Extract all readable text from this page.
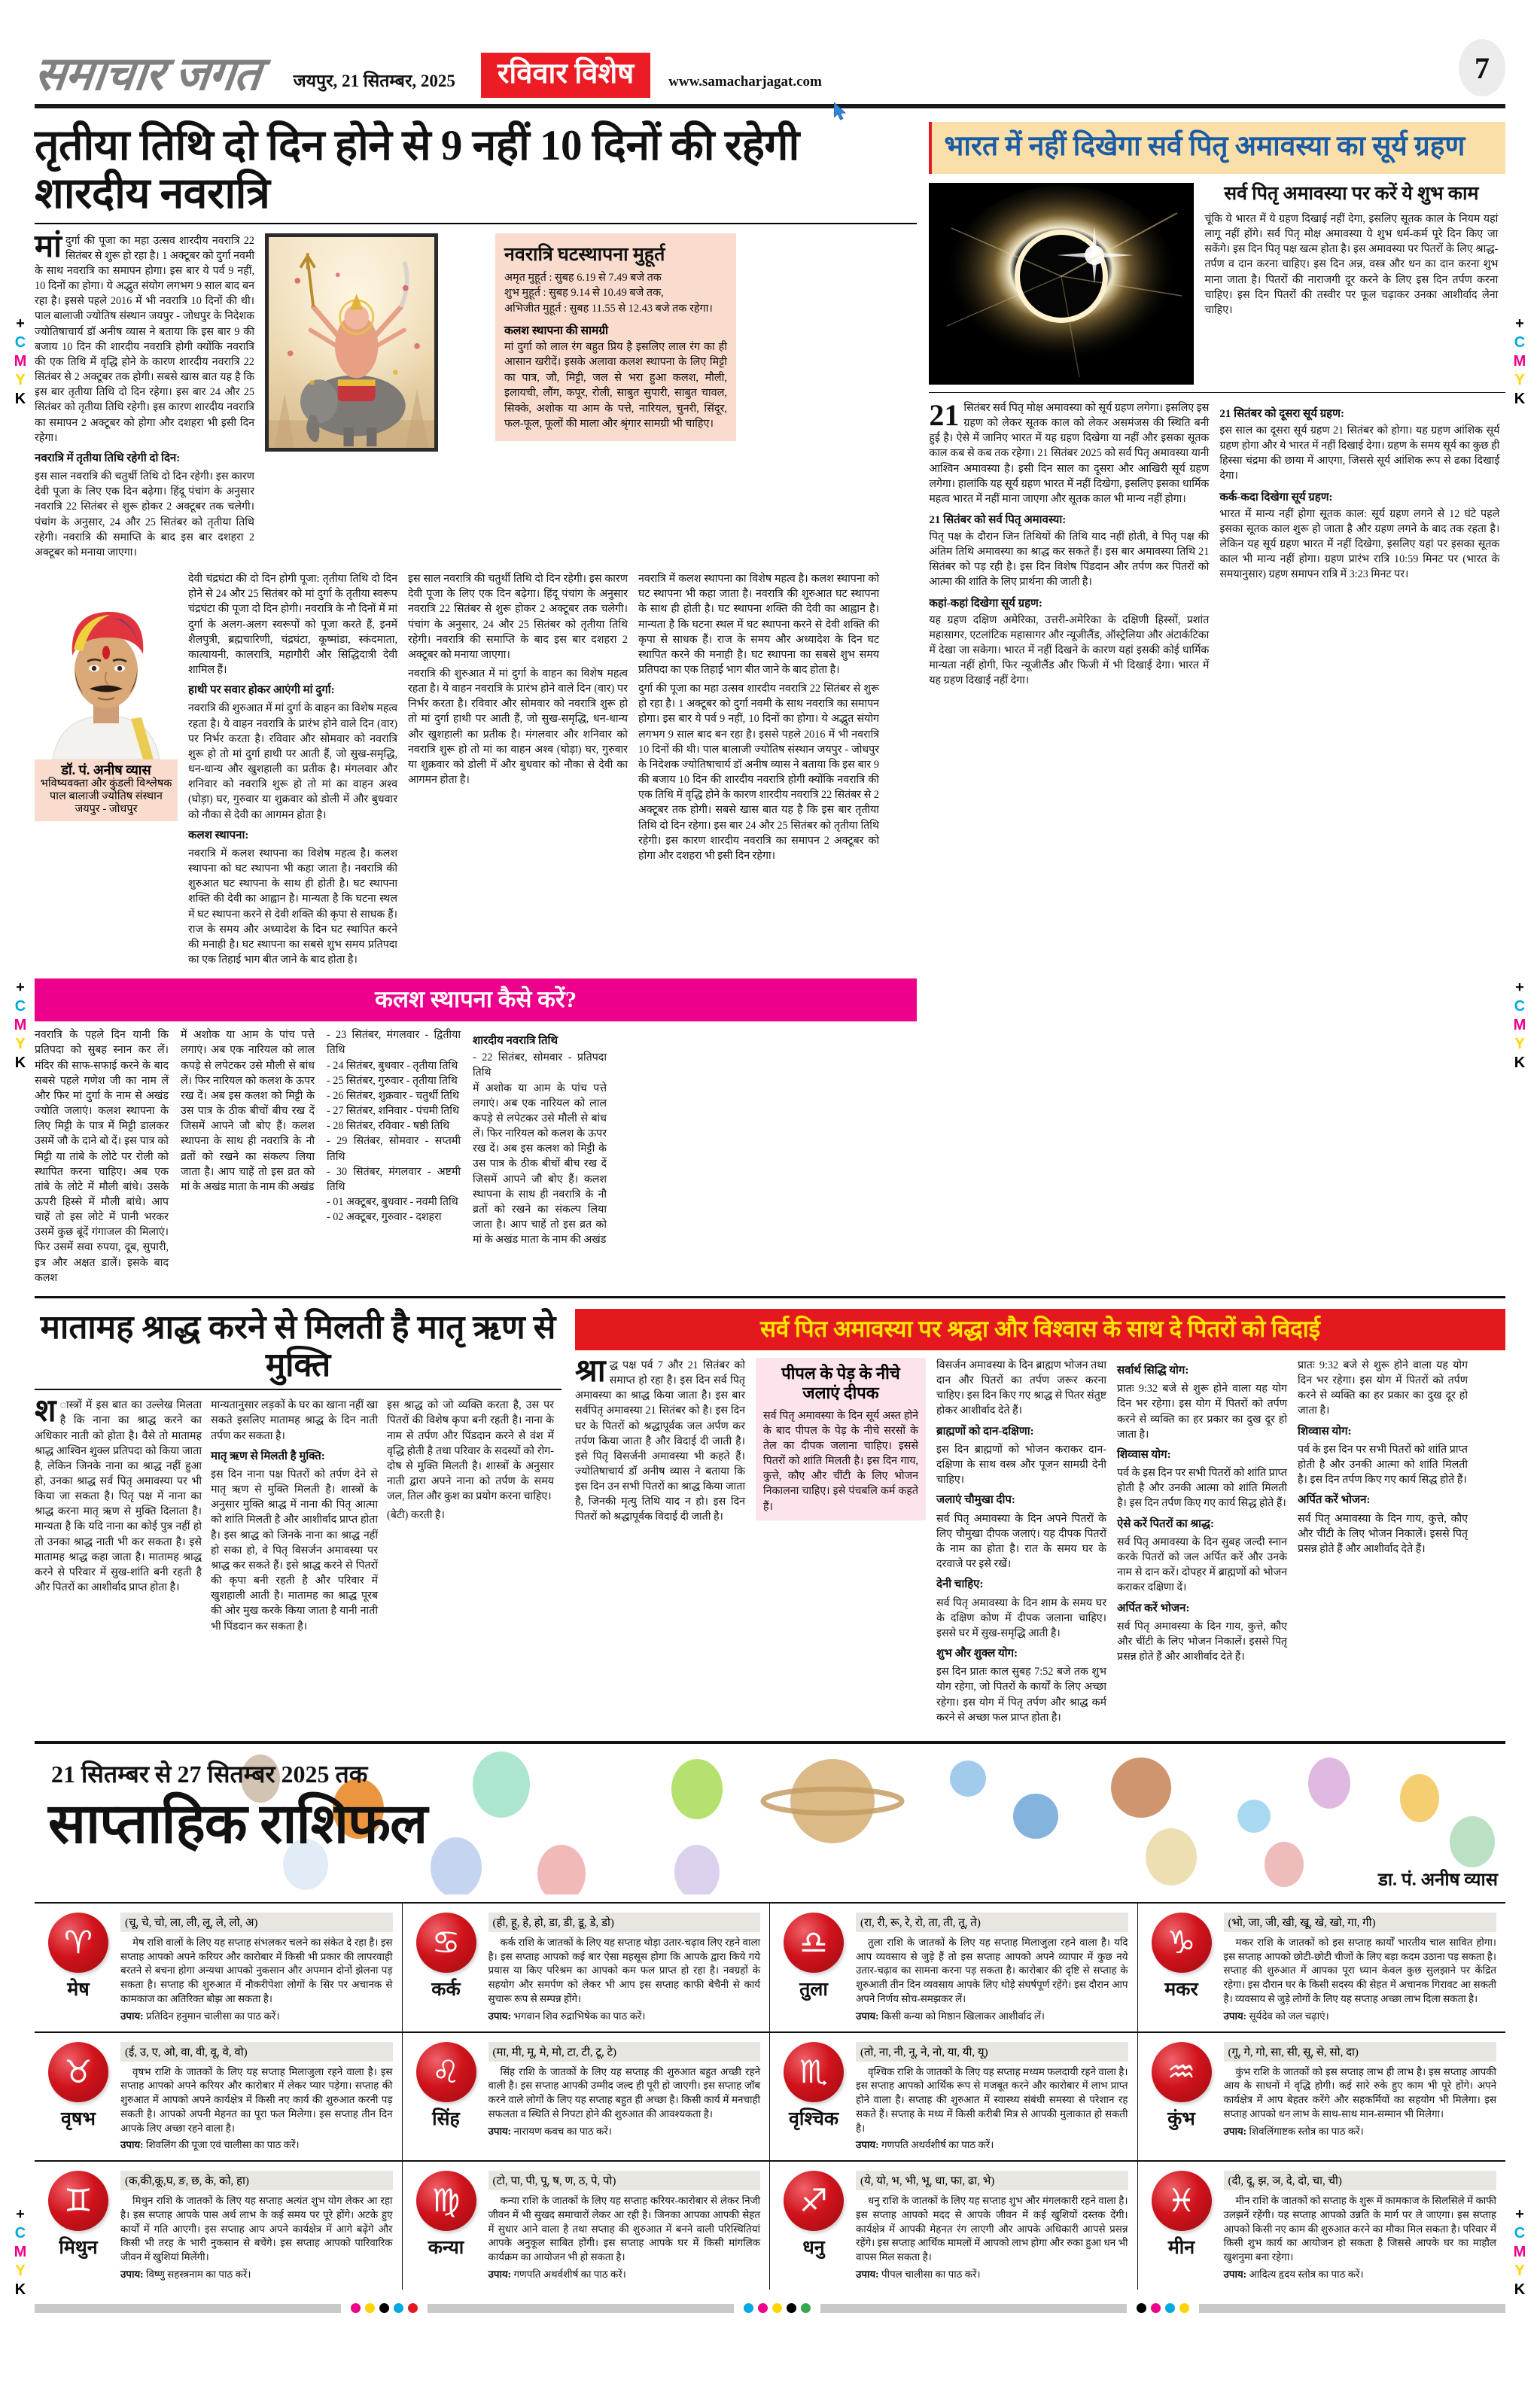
+
C
M
Y
K
+
C
M
Y
K
+
C
M
Y
K
+
C
M
Y
K
+
C
M
Y
K
+
C
M
Y
K
समाचार जगत	जयपुर, 21 सितम्बर, 2025	रविवार विशेष	www.samacharjagat.com	7
तृतीया तिथि दो दिन होने से 9 नहीं 10 दिनों की रहेगी शारदीय नवरात्रि
मां दुर्गा की पूजा का महा उत्सव शारदीय नवरात्रि 22 सितंबर से शुरू हो रहा है। 1 अक्टूबर को दुर्गा नवमी के साथ नवरात्रि का समापन होगा। इस बार ये पर्व 9 नहीं, 10 दिनों का होगा। ये अद्भुत संयोग लगभग 9 साल बाद बन रहा है। इससे पहले 2016 में भी नवरात्रि 10 दिनों की थी। पाल बालाजी ज्योतिष संस्थान जयपुर - जोधपुर के निदेशक ज्योतिषाचार्य डॉ अनीष व्यास ने बताया कि इस बार 9 की बजाय 10 दिन की शारदीय नवरात्रि होगी क्योंकि नवरात्रि की एक तिथि में वृद्धि होने के कारण शारदीय नवरात्रि 22 सितंबर से 2 अक्टूबर तक होगी। सबसे खास बात यह है कि इस बार तृतीया तिथि दो दिन रहेगा। इस बार 24 और 25 सितंबर को तृतीया तिथि रहेगी। इस कारण शारदीय नवरात्रि का समापन 2 अक्टूबर को होगा और दशहरा भी इसी दिन रहेगा।
नवरात्रि में तृतीया तिथि रहेगी दो दिन:

इस साल नवरात्रि की चतुर्थी तिथि दो दिन रहेगी। इस कारण देवी पूजा के लिए एक दिन बढ़ेगा। हिंदू पंचांग के अनुसार नवरात्रि 22 सितंबर से शुरू होकर 2 अक्टूबर तक चलेगी। पंचांग के अनुसार, 24 और 25 सितंबर को तृतीया तिथि रहेगी। नवरात्रि की समाप्ति के बाद इस बार दशहरा 2 अक्टूबर को मनाया जाएगा।

नवरात्रि घटस्थापना मुहूर्त
अमृत मुहूर्त : सुबह 6.19 से 7.49 बजे तक
शुभ मुहूर्त : सुबह 9.14 से 10.49 बजे तक,
अभिजीत मुहूर्त : सुबह 11.55 से 12.43 बजे तक रहेगा।
कलश स्थापना की सामग्री
मां दुर्गा को लाल रंग बहुत प्रिय है इसलिए लाल रंग का ही आसान खरीदें। इसके अलावा कलश स्थापना के लिए मिट्टी का पात्र, जौ, मिट्टी, जल से भरा हुआ कलश, मौली, इलायची, लौंग, कपूर, रोली, साबुत सुपारी, साबुत चावल, सिक्के, अशोक या आम के पत्ते, नारियल, चुनरी, सिंदूर, फल-फूल, फूलों की माला और श्रृंगार सामग्री भी चाहिए।
डॉ. पं. अनीष व्यास
भविष्यवक्ता और कुंडली विश्लेषक पाल बालाजी ज्योतिष संस्थान जयपुर - जोधपुर

देवी चंद्रघंटा की दो दिन होगी पूजा: तृतीया तिथि दो दिन होने से 24 और 25 सितंबर को मां दुर्गा के तृतीया स्वरूप चंद्रघंटा की पूजा दो दिन होगी। नवरात्रि के नौ दिनों में मां दुर्गा के अलग-अलग स्वरूपों को पूजा करते हैं, इनमें शैलपुत्री, ब्रह्मचारिणी, चंद्रघंटा, कूष्मांडा, स्कंदमाता, कात्यायनी, कालरात्रि, महागौरी और सिद्धिदात्री देवी शामिल हैं।

हाथी पर सवार होकर आएंगी मां दुर्गा:

नवरात्रि की शुरुआत में मां दुर्गा के वाहन का विशेष महत्व रहता है। ये वाहन नवरात्रि के प्रारंभ होने वाले दिन (वार) पर निर्भर करता है। रविवार और सोमवार को नवरात्रि शुरू हो तो मां दुर्गा हाथी पर आती हैं, जो सुख-समृद्धि, धन-धान्य और खुशहाली का प्रतीक है। मंगलवार और शनिवार को नवरात्रि शुरू हो तो मां का वाहन अश्व (घोड़ा) घर, गुरुवार या शुक्रवार को डोली में और बुधवार को नौका से देवी का आगमन होता है।

कलश स्थापना:

नवरात्रि में कलश स्थापना का विशेष महत्व है। कलश स्थापना को घट स्थापना भी कहा जाता है। नवरात्रि की शुरुआत घट स्थापना के साथ ही होती है। घट स्थापना शक्ति की देवी का आह्वान है। मान्यता है कि घटना स्थल में घट स्थापना करने से देवी शक्ति की कृपा से साधक हैं। राज के समय और अध्यादेश के दिन घट स्थापित करने की मनाही है। घट स्थापना का सबसे शुभ समय प्रतिपदा का एक तिहाई भाग बीत जाने के बाद होता है।

इस साल नवरात्रि की चतुर्थी तिथि दो दिन रहेगी। इस कारण देवी पूजा के लिए एक दिन बढ़ेगा। हिंदू पंचांग के अनुसार नवरात्रि 22 सितंबर से शुरू होकर 2 अक्टूबर तक चलेगी। पंचांग के अनुसार, 24 और 25 सितंबर को तृतीया तिथि रहेगी। नवरात्रि की समाप्ति के बाद इस बार दशहरा 2 अक्टूबर को मनाया जाएगा।

नवरात्रि की शुरुआत में मां दुर्गा के वाहन का विशेष महत्व रहता है। ये वाहन नवरात्रि के प्रारंभ होने वाले दिन (वार) पर निर्भर करता है। रविवार और सोमवार को नवरात्रि शुरू हो तो मां दुर्गा हाथी पर आती हैं, जो सुख-समृद्धि, धन-धान्य और खुशहाली का प्रतीक है। मंगलवार और शनिवार को नवरात्रि शुरू हो तो मां का वाहन अश्व (घोड़ा) घर, गुरुवार या शुक्रवार को डोली में और बुधवार को नौका से देवी का आगमन होता है।

नवरात्रि में कलश स्थापना का विशेष महत्व है। कलश स्थापना को घट स्थापना भी कहा जाता है। नवरात्रि की शुरुआत घट स्थापना के साथ ही होती है। घट स्थापना शक्ति की देवी का आह्वान है। मान्यता है कि घटना स्थल में घट स्थापना करने से देवी शक्ति की कृपा से साधक हैं। राज के समय और अध्यादेश के दिन घट स्थापित करने की मनाही है। घट स्थापना का सबसे शुभ समय प्रतिपदा का एक तिहाई भाग बीत जाने के बाद होता है।

दुर्गा की पूजा का महा उत्सव शारदीय नवरात्रि 22 सितंबर से शुरू हो रहा है। 1 अक्टूबर को दुर्गा नवमी के साथ नवरात्रि का समापन होगा। इस बार ये पर्व 9 नहीं, 10 दिनों का होगा। ये अद्भुत संयोग लगभग 9 साल बाद बन रहा है। इससे पहले 2016 में भी नवरात्रि 10 दिनों की थी। पाल बालाजी ज्योतिष संस्थान जयपुर - जोधपुर के निदेशक ज्योतिषाचार्य डॉ अनीष व्यास ने बताया कि इस बार 9 की बजाय 10 दिन की शारदीय नवरात्रि होगी क्योंकि नवरात्रि की एक तिथि में वृद्धि होने के कारण शारदीय नवरात्रि 22 सितंबर से 2 अक्टूबर तक होगी। सबसे खास बात यह है कि इस बार तृतीया तिथि दो दिन रहेगा। इस बार 24 और 25 सितंबर को तृतीया तिथि रहेगी। इस कारण शारदीय नवरात्रि का समापन 2 अक्टूबर को होगा और दशहरा भी इसी दिन रहेगा।

कलश स्थापना कैसे करें?
नवरात्रि के पहले दिन यानी कि प्रतिपदा को सुबह स्नान कर लें। मंदिर की साफ-सफाई करने के बाद सबसे पहले गणेश जी का नाम लें और फिर मां दुर्गा के नाम से अखंड ज्योति जलाएं। कलश स्थापना के लिए मिट्टी के पात्र में मिट्टी डालकर उसमें जौ के दाने बो दें। इस पात्र को मिट्टी या तांबे के लोटे पर रोली को स्थापित करना चाहिए। अब एक तांबे के लोटे में मौली बांधे। उसके ऊपरी हिस्से में मौली बांधे। आप चाहें तो इस लोटे में पानी भरकर उसमें कुछ बूंदें गंगाजल की मिलाएं। फिर उसमें सवा रुपया, दूब, सुपारी, इत्र और अक्षत डालें। इसके बाद कलश
में अशोक या आम के पांच पत्ते लगाएं। अब एक नारियल को लाल कपड़े से लपेटकर उसे मौली से बांध लें। फिर नारियल को कलश के ऊपर रख दें। अब इस कलश को मिट्टी के उस पात्र के ठीक बीचों बीच रख दें जिसमें आपने जौ बोए हैं। कलश स्थापना के साथ ही नवरात्रि के नौ व्रतों को रखने का संकल्प लिया जाता है। आप चाहें तो इस व्रत को मां के अखंड माता के नाम की अखंड
- 23 सितंबर, मंगलवार - द्वितीया तिथि
- 24 सितंबर, बुधवार - तृतीया तिथि
- 25 सितंबर, गुरुवार - तृतीया तिथि
- 26 सितंबर, शुक्रवार - चतुर्थी तिथि
- 27 सितंबर, शनिवार - पंचमी तिथि
- 28 सितंबर, रविवार - षष्ठी तिथि
- 29 सितंबर, सोमवार - सप्तमी तिथि
- 30 सितंबर, मंगलवार - अष्टमी तिथि
- 01 अक्टूबर, बुधवार - नवमी तिथि
- 02 अक्टूबर, गुरुवार - दशहरा
शारदीय नवरात्रि तिथि
- 22 सितंबर, सोमवार - प्रतिपदा तिथि
में अशोक या आम के पांच पत्ते लगाएं। अब एक नारियल को लाल कपड़े से लपेटकर उसे मौली से बांध लें। फिर नारियल को कलश के ऊपर रख दें। अब इस कलश को मिट्टी के उस पात्र के ठीक बीचों बीच रख दें जिसमें आपने जौ बोए हैं। कलश स्थापना के साथ ही नवरात्रि के नौ व्रतों को रखने का संकल्प लिया जाता है। आप चाहें तो इस व्रत को मां के अखंड माता के नाम की अखंड
भारत में नहीं दिखेगा सर्व पितृ अमावस्या का सूर्य ग्रहण
सर्व पितृ अमावस्या पर करें ये शुभ काम
चूंकि ये भारत में ये ग्रहण दिखाई नहीं देगा, इसलिए सूतक काल के नियम यहां लागू नहीं होंगे। सर्व पितृ मोक्ष अमावस्या ये शुभ धर्म-कर्म पूरे दिन किए जा सकेंगे। इस दिन पितृ पक्ष खत्म होता है। इस अमावस्या पर पितरों के लिए श्राद्ध-तर्पण व दान करना चाहिए। इस दिन अन्न, वस्त्र और धन का दान करना शुभ माना जाता है। पितरों की नाराजगी दूर करने के लिए इस दिन तर्पण करना चाहिए। इस दिन पितरों की तस्वीर पर फूल चढ़ाकर उनका आशीर्वाद लेना चाहिए।
21 सितंबर सर्व पितृ मोक्ष अमावस्या को सूर्य ग्रहण लगेगा। इसलिए इस ग्रहण को लेकर सूतक काल को लेकर असमंजस की स्थिति बनी हुई है। ऐसे में जानिए भारत में यह ग्रहण दिखेगा या नहीं और इसका सूतक काल कब से कब तक रहेगा। 21 सितंबर 2025 को सर्व पितृ अमावस्या यानी आश्विन अमावस्या है। इसी दिन साल का दूसरा और आखिरी सूर्य ग्रहण लगेगा। हालांकि यह सूर्य ग्रहण भारत में नहीं दिखेगा, इसलिए इसका धार्मिक महत्व भारत में नहीं माना जाएगा और सूतक काल भी मान्य नहीं होगा।
21 सितंबर को सर्व पितृ अमावस्या:
पितृ पक्ष के दौरान जिन तिथियों की तिथि याद नहीं होती, वे पितृ पक्ष की अंतिम तिथि अमावस्या का श्राद्ध कर सकते हैं। इस बार अमावस्या तिथि 21 सितंबर को पड़ रही है। इस दिन विशेष पिंडदान और तर्पण कर पितरों को आत्मा की शांति के लिए प्रार्थना की जाती है।
कहां-कहां दिखेगा सूर्य ग्रहण:
यह ग्रहण दक्षिण अमेरिका, उत्तरी-अमेरिका के दक्षिणी हिस्सों, प्रशांत महासागर, एटलांटिक महासागर और न्यूजीलैंड, ऑस्ट्रेलिया और अंटार्कटिका में देखा जा सकेगा। भारत में नहीं दिखने के कारण यहां इसकी कोई धार्मिक मान्यता नहीं होगी, फिर न्यूजीलैंड और फिजी में भी दिखाई देगा। भारत में यह ग्रहण दिखाई नहीं देगा।
21 सितंबर को दूसरा सूर्य ग्रहण:
इस साल का दूसरा सूर्य ग्रहण 21 सितंबर को होगा। यह ग्रहण आंशिक सूर्य ग्रहण होगा और ये भारत में नहीं दिखाई देगा। ग्रहण के समय सूर्य का कुछ ही हिस्सा चंद्रमा की छाया में आएगा, जिससे सूर्य आंशिक रूप से ढका दिखाई देगा।
कर्क-कदा दिखेगा सूर्य ग्रहण:
भारत में मान्य नहीं होगा सूतक काल: सूर्य ग्रहण लगने से 12 घंटे पहले इसका सूतक काल शुरू हो जाता है और ग्रहण लगने के बाद तक रहता है। लेकिन यह सूर्य ग्रहण भारत में नहीं दिखेगा, इसलिए यहां पर इसका सूतक काल भी मान्य नहीं होगा। ग्रहण प्रारंभ रात्रि 10:59 मिनट पर (भारत के समयानुसार) ग्रहण समापन रात्रि में 3:23 मिनट पर।
मातामह श्राद्ध करने से मिलती है मातृ ऋण से मुक्ति
श ास्त्रों में इस बात का उल्लेख मिलता है कि नाना का श्राद्ध करने का अधिकार नाती को होता है। वैसे तो मातामह श्राद्ध आश्विन शुक्ल प्रतिपदा को किया जाता है, लेकिन जिनके नाना का श्राद्ध नहीं हुआ हो, उनका श्राद्ध सर्व पितृ अमावस्या पर भी किया जा सकता है। पितृ पक्ष में नाना का श्राद्ध करना मातृ ऋण से मुक्ति दिलाता है। मान्यता है कि यदि नाना का कोई पुत्र नहीं हो तो उनका श्राद्ध नाती भी कर सकता है। इसे मातामह श्राद्ध कहा जाता है। मातामह श्राद्ध करने से परिवार में सुख-शांति बनी रहती है और पितरों का आशीर्वाद प्राप्त होता है।

मान्यतानुसार लड़कों के घर का खाना नहीं खा सकते इसलिए मातामह श्राद्ध के दिन नाती तर्पण कर सकता है।

मातृ ऋण से मिलती है मुक्ति:

इस दिन नाना पक्ष पितरों को तर्पण देने से मातृ ऋण से मुक्ति मिलती है। शास्त्रों के अनुसार मुक्ति श्राद्ध में नाना की पितृ आत्मा को शांति मिलती है और आशीर्वाद प्राप्त होता है। इस श्राद्ध को जिनके नाना का श्राद्ध नहीं हो सका हो, वे पितृ विसर्जन अमावस्या पर श्राद्ध कर सकते हैं। इसे श्राद्ध करने से पितरों की कृपा बनी रहती है और परिवार में खुशहाली आती है। मातामह का श्राद्ध पूरब की ओर मुख करके किया जाता है यानी नाती भी पिंडदान कर सकता है।

इस श्राद्ध को जो व्यक्ति करता है, उस पर पितरों की विशेष कृपा बनी रहती है। नाना के नाम से तर्पण और पिंडदान करने से वंश में वृद्धि होती है तथा परिवार के सदस्यों को रोग-दोष से मुक्ति मिलती है। शास्त्रों के अनुसार नाती द्वारा अपने नाना को तर्पण के समय जल, तिल और कुश का प्रयोग करना चाहिए।

(बेटी) करती है।

सर्व पित अमावस्या पर श्रद्धा और विश्वास के साथ दे पितरों को विदाई
श्रा द्ध पक्ष पर्व 7 और 21 सितंबर को समाप्त हो रहा है। इस दिन सर्व पितृ अमावस्या का श्राद्ध किया जाता है। इस बार सर्वपितृ अमावस्या 21 सितंबर को है। इस दिन घर के पितरों को श्रद्धापूर्वक जल अर्पण कर तर्पण किया जाता है और विदाई दी जाती है। इसे पितृ विसर्जनी अमावस्या भी कहते हैं। ज्योतिषाचार्य डॉ अनीष व्यास ने बताया कि इस दिन उन सभी पितरों का श्राद्ध किया जाता है, जिनकी मृत्यु तिथि याद न हो। इस दिन पितरों को श्रद्धापूर्वक विदाई दी जाती है।
पीपल के पेड़ के नीचे जलाएं दीपक
सर्व पितृ अमावस्या के दिन सूर्य अस्त होने के बाद पीपल के पेड़ के नीचे सरसों के तेल का दीपक जलाना चाहिए। इससे पितरों को शांति मिलती है। इस दिन गाय, कुत्ते, कौए और चींटी के लिए भोजन निकालना चाहिए। इसे पंचबलि कर्म कहते हैं।

विसर्जन अमावस्या के दिन ब्राह्मण भोजन तथा दान और पितरों का तर्पण जरूर करना चाहिए। इस दिन किए गए श्राद्ध से पितर संतुष्ट होकर आशीर्वाद देते हैं।

ब्राह्मणों को दान-दक्षिणा:

इस दिन ब्राह्मणों को भोजन कराकर दान-दक्षिणा के साथ वस्त्र और पूजन सामग्री देनी चाहिए।

जलाएं चौमुखा दीप:

सर्व पितृ अमावस्या के दिन अपने पितरों के लिए चौमुखा दीपक जलाएं। यह दीपक पितरों के नाम का होता है। रात के समय घर के दरवाजे पर इसे रखें।

देनी चाहिए:

सर्व पितृ अमावस्या के दिन शाम के समय घर के दक्षिण कोण में दीपक जलाना चाहिए। इससे घर में सुख-समृद्धि आती है।

शुभ और शुक्ल योग:

इस दिन प्रातः काल सुबह 7:52 बजे तक शुभ योग रहेगा, जो पितरों के कार्यों के लिए अच्छा रहेगा। इस योग में पितृ तर्पण और श्राद्ध कर्म करने से अच्छा फल प्राप्त होता है।

सर्वार्थ सिद्धि योग:

प्रातः 9:32 बजे से शुरू होने वाला यह योग दिन भर रहेगा। इस योग में पितरों को तर्पण करने से व्यक्ति का हर प्रकार का दुख दूर हो जाता है।

शिव्वास योग:

पर्व के इस दिन पर सभी पितरों को शांति प्राप्त होती है और उनकी आत्मा को शांति मिलती है। इस दिन तर्पण किए गए कार्य सिद्ध होते हैं।

ऐसे करें पितरों का श्राद्ध:

सर्व पितृ अमावस्या के दिन सुबह जल्दी स्नान करके पितरों को जल अर्पित करें और उनके नाम से दान करें। दोपहर में ब्राह्मणों को भोजन कराकर दक्षिणा दें।

अर्पित करें भोजन:

सर्व पितृ अमावस्या के दिन गाय, कुत्ते, कौए और चींटी के लिए भोजन निकालें। इससे पितृ प्रसन्न होते हैं और आशीर्वाद देते हैं।

प्रातः 9:32 बजे से शुरू होने वाला यह योग दिन भर रहेगा। इस योग में पितरों को तर्पण करने से व्यक्ति का हर प्रकार का दुख दूर हो जाता है।

शिव्वास योग:

पर्व के इस दिन पर सभी पितरों को शांति प्राप्त होती है और उनकी आत्मा को शांति मिलती है। इस दिन तर्पण किए गए कार्य सिद्ध होते हैं।

अर्पित करें भोजन:

सर्व पितृ अमावस्या के दिन गाय, कुत्ते, कौए और चींटी के लिए भोजन निकालें। इससे पितृ प्रसन्न होते हैं और आशीर्वाद देते हैं।

21 सितम्बर से 27 सितम्बर 2025 तक
साप्ताहिक राशिफल
डा. पं. अनीष व्यास
♈
मेष
(चू, चे, चो, ला, ली, लू, ले, लो, अ)
मेष राशि वालों के लिए यह सप्ताह संभलकर चलने का संकेत दे रहा है। इस सप्ताह आपको अपने करियर और कारोबार में किसी भी प्रकार की लापरवाही बरतने से बचना होगा अन्यथा आपको नुकसान और अपमान दोनों झेलना पड़ सकता है। सप्ताह की शुरुआत में नौकरीपेशा लोगों के सिर पर अचानक से कामकाज का अतिरिक्त बोझ आ सकता है।
उपाय: प्रतिदिन हनुमान चालीसा का पाठ करें।
♋
कर्क
(ही, हू, हे, हो, डा, डी, डू, डे, डो)
कर्क राशि के जातकों के लिए यह सप्ताह थोड़ा उतार-चढ़ाव लिए रहने वाला है। इस सप्ताह आपको कई बार ऐसा महसूस होगा कि आपके द्वारा किये गये प्रयास या किए परिश्रम का आपको कम फल प्राप्त हो रहा है। नवग्रहों के सहयोग और समर्पण को लेकर भी आप इस सप्ताह काफी बेचैनी से कार्य सुचारू रूप से सम्पन्न होंगे।
उपाय: भगवान शिव रुद्राभिषेक का पाठ करें।
♎
तुला
(रा, री, रू, रे, रो, ता, ती, तू, ते)
तुला राशि के जातकों के लिए यह सप्ताह मिलाजुला रहने वाला है। यदि आप व्यवसाय से जुड़े हैं तो इस सप्ताह आपको अपने व्यापार में कुछ नये उतार-चढ़ाव का सामना करना पड़ सकता है। कारोबार की दृष्टि से सप्ताह के शुरुआती तीन दिन व्यवसाय आपके लिए थोड़े संघर्षपूर्ण रहेंगे। इस दौरान आप अपने निर्णय सोच-समझकर लें।
उपाय: किसी कन्या को मिष्ठान खिलाकर आशीर्वाद लें।
♑
मकर
(भो, जा, जी, खी, खू, खे, खो, गा, गी)
मकर राशि के जातकों को इस सप्ताह कार्यों भारतीय चाल सावित होगा। इस सप्ताह आपको छोटी-छोटी चीजों के लिए बड़ा कदम उठाना पड़ सकता है। सप्ताह की शुरुआत में आपका पूरा ध्यान केवल कुछ सुलझाने पर केंद्रित रहेगा। इस दौरान घर के किसी सदस्य की सेहत में अचानक गिरावट आ सकती है। व्यवसाय से जुड़े लोगों के लिए यह सप्ताह अच्छा लाभ दिला सकता है।
उपाय: सूर्यदेव को जल चढ़ाएं।
♉
वृषभ
(ई, उ, ए, ओ, वा, वी, वू, वे, वो)
वृषभ राशि के जातकों के लिए यह सप्ताह मिलाजुला रहने वाला है। इस सप्ताह आपको अपने करियर और कारोबार में लेकर प्यार पड़ेगा। सप्ताह की शुरुआत में आपको अपने कार्यक्षेत्र में किसी नए कार्य की शुरुआत करनी पड़ सकती है। आपको अपनी मेहनत का पूरा फल मिलेगा। इस सप्ताह तीन दिन आपके लिए अच्छा रहने वाला है।
उपाय: शिवलिंग की पूजा एवं चालीसा का पाठ करें।
♌
सिंह
(मा, मी, मू, मे, मो, टा, टी, टू, टे)
सिंह राशि के जातकों के लिए यह सप्ताह की शुरुआत बहुत अच्छी रहने वाली है। इस सप्ताह आपकी उम्मीद जल्द ही पूरी हो जाएगी। इस सप्ताह जॉब करने वाले लोगों के लिए यह सप्ताह बहुत ही अच्छा है। किसी कार्य में मनचाही सफलता व स्थिति से निपटा होने की शुरुआत की आवश्यकता है।
उपाय: नारायण कवच का पाठ करें।
♏
वृश्चिक
(तो, ना, नी, नू, ने, नो, या, यी, यू)
वृश्चिक राशि के जातकों के लिए यह सप्ताह मध्यम फलदायी रहने वाला है। इस सप्ताह आपको आर्थिक रूप से मजबूत करने और कारोबार में लाभ प्राप्त होने वाला है। सप्ताह की शुरुआत में स्वास्थ्य संबंधी समस्या से परेशान रह सकते हैं। सप्ताह के मध्य में किसी करीबी मित्र से आपकी मुलाकात हो सकती है।
उपाय: गणपति अथर्वशीर्ष का पाठ करें।
♒
कुंभ
(गू, गे, गो, सा, सी, सू, से, सो, दा)
कुंभ राशि के जातकों को इस सप्ताह लाभ ही लाभ है। इस सप्ताह आपकी आय के साधनों में वृद्धि होगी। कई सारे रुके हुए काम भी पूरे होंगे। अपने कार्यक्षेत्र में आप बेहतर करेंगे और सहकर्मियों का सहयोग भी मिलेगा। इस सप्ताह आपको धन लाभ के साथ-साथ मान-सम्मान भी मिलेगा।
उपाय: शिवलिंगाष्टक स्तोत्र का पाठ करें।
♊
मिथुन
(क,की,कू,घ, ङ, छ, के, को, हा)
मिथुन राशि के जातकों के लिए यह सप्ताह अत्यंत शुभ योग लेकर आ रहा है। इस सप्ताह आपके पास अर्थ लाभ के कई समय पर पूरे होंगे। अटके हुए कार्यों में गति आएगी। इस सप्ताह आप अपने कार्यक्षेत्र में आगे बढ़ेंगे और किसी भी तरह के भारी नुकसान से बचेंगे। इस सप्ताह आपको पारिवारिक जीवन में खुशियां मिलेंगी।
उपाय: विष्णु सहस्त्रनाम का पाठ करें।
♍
कन्या
(टो, पा, पी, पू, ष, ण, ठ, पे, पो)
कन्या राशि के जातकों के लिए यह सप्ताह करियर-कारोबार से लेकर निजी जीवन में भी सुखद समाचारों लेकर आ रही है। जिनका आपका आपकी सेहत में सुधार आने वाला है तथा सप्ताह की शुरुआत में बनने वाली परिस्थितियां आपके अनुकूल साबित होंगी। इस सप्ताह आपके घर में किसी मांगलिक कार्यक्रम का आयोजन भी हो सकता है।
उपाय: गणपति अथर्वशीर्ष का पाठ करें।
♐
धनु
(ये, यो, भ, भी, भू, धा, फा, ढा, भे)
धनु राशि के जातकों के लिए यह सप्ताह शुभ और मंगलकारी रहने वाला है। इस सप्ताह आपको मदद से आपके जीवन में कई खुशियों दस्तक देंगी। कार्यक्षेत्र में आपकी मेहनत रंग लाएगी और आपके अधिकारी आपसे प्रसन्न रहेंगे। इस सप्ताह आर्थिक मामलों में आपको लाभ होगा और रुका हुआ धन भी वापस मिल सकता है।
उपाय: पीपल चालीसा का पाठ करें।
♓
मीन
(दी, दू, झ, ञ, दे, दो, चा, ची)
मीन राशि के जातकों को सप्ताह के शुरू में कामकाज के सिलसिले में काफी उलझनें रहेंगी। यह सप्ताह आपको उन्नति के मार्ग पर ले जाएगा। इस सप्ताह आपको किसी नए काम की शुरुआत करने का मौका मिल सकता है। परिवार में किसी शुभ कार्य का आयोजन हो सकता है जिससे आपके घर का माहौल खुशनुमा बना रहेगा।
उपाय: आदित्य हृदय स्तोत्र का पाठ करें।
